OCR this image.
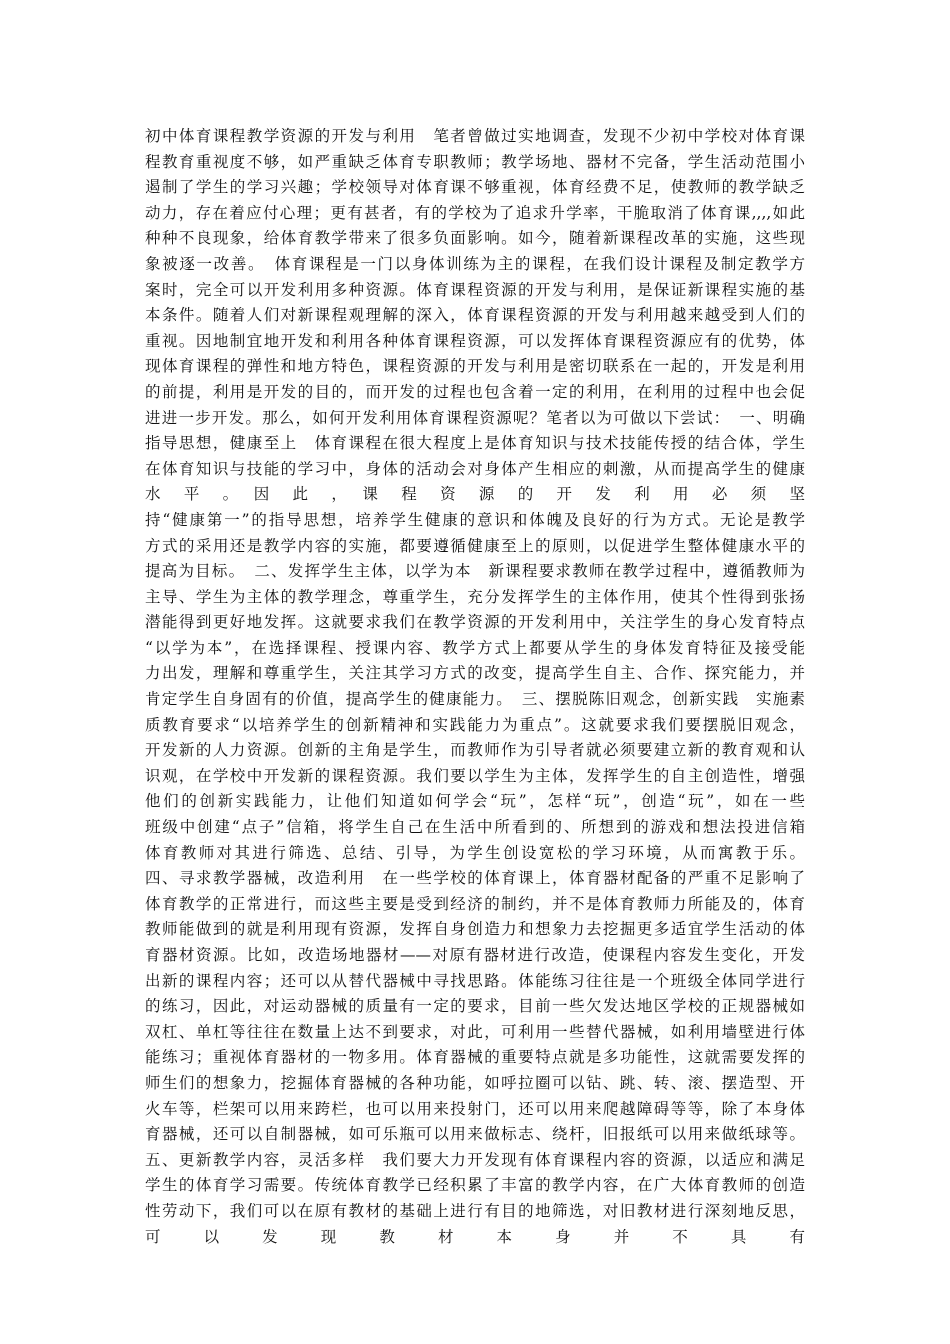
初中体育课程教学资源的开发与利用　笔者曾做过实地调查，发现不少初中学校对体育课
程教育重视度不够，如严重缺乏体育专职教师；教学场地、器材不完备，学生活动范围小
遏制了学生的学习兴趣；学校领导对体育课不够重视，体育经费不足，使教师的教学缺乏
动力，存在着应付心理；更有甚者，有的学校为了追求升学率，干脆取消了体育课,,,,如此
种种不良现象，给体育教学带来了很多负面影响。如今，随着新课程改革的实施，这些现
象被逐一改善。　体育课程是一门以身体训练为主的课程，在我们设计课程及制定教学方
案时，完全可以开发利用多种资源。体育课程资源的开发与利用，是保证新课程实施的基
本条件。随着人们对新课程观理解的深入，体育课程资源的开发与利用越来越受到人们的
重视。因地制宜地开发和利用各种体育课程资源，可以发挥体育课程资源应有的优势，体
现体育课程的弹性和地方特色，课程资源的开发与利用是密切联系在一起的，开发是利用
的前提，利用是开发的目的，而开发的过程也包含着一定的利用，在利用的过程中也会促
进进一步开发。那么，如何开发利用体育课程资源呢？笔者以为可做以下尝试：　一、明确
指导思想，健康至上　体育课程在很大程度上是体育知识与技术技能传授的结合体，学生
在体育知识与技能的学习中，身体的活动会对身体产生相应的刺激，从而提高学生的健康
水　平　。　因　此　，　课　程　资　源　的　开　发　利　用　必　须　坚
持“健康第一”的指导思想，培养学生健康的意识和体魄及良好的行为方式。无论是教学
方式的采用还是教学内容的实施，都要遵循健康至上的原则，以促进学生整体健康水平的
提高为目标。　二、发挥学生主体，以学为本　新课程要求教师在教学过程中，遵循教师为
主导、学生为主体的教学理念，尊重学生，充分发挥学生的主体作用，使其个性得到张扬
潜能得到更好地发挥。这就要求我们在教学资源的开发利用中，关注学生的身心发育特点
“以学为本”，在选择课程、授课内容、教学方式上都要从学生的身体发育特征及接受能
力出发，理解和尊重学生，关注其学习方式的改变，提高学生自主、合作、探究能力，并
肯定学生自身固有的价值，提高学生的健康能力。　三、摆脱陈旧观念，创新实践　实施素
质教育要求“以培养学生的创新精神和实践能力为重点”。这就要求我们要摆脱旧观念，
开发新的人力资源。创新的主角是学生，而教师作为引导者就必须要建立新的教育观和认
识观，在学校中开发新的课程资源。我们要以学生为主体，发挥学生的自主创造性，增强
他们的创新实践能力，让他们知道如何学会“玩”，怎样“玩”，创造“玩”，如在一些
班级中创建“点子”信箱，将学生自己在生活中所看到的、所想到的游戏和想法投进信箱
体育教师对其进行筛选、总结、引导，为学生创设宽松的学习环境，从而寓教于乐。
四、寻求教学器械，改造利用　在一些学校的体育课上，体育器材配备的严重不足影响了
体育教学的正常进行，而这些主要是受到经济的制约，并不是体育教师力所能及的，体育
教师能做到的就是利用现有资源，发挥自身创造力和想象力去挖掘更多适宜学生活动的体
育器材资源。比如，改造场地器材——对原有器材进行改造，使课程内容发生变化，开发
出新的课程内容；还可以从替代器械中寻找思路。体能练习往往是一个班级全体同学进行
的练习，因此，对运动器械的质量有一定的要求，目前一些欠发达地区学校的正规器械如
双杠、单杠等往往在数量上达不到要求，对此，可利用一些替代器械，如利用墙壁进行体
能练习；重视体育器材的一物多用。体育器械的重要特点就是多功能性，这就需要发挥的
师生们的想象力，挖掘体育器械的各种功能，如呼拉圈可以钻、跳、转、滚、摆造型、开
火车等，栏架可以用来跨栏，也可以用来投射门，还可以用来爬越障碍等等，除了本身体
育器械，还可以自制器械，如可乐瓶可以用来做标志、绕杆，旧报纸可以用来做纸球等。
五、更新教学内容，灵活多样　我们要大力开发现有体育课程内容的资源，以适应和满足
学生的体育学习需要。传统体育教学已经积累了丰富的教学内容，在广大体育教师的创造
性劳动下，我们可以在原有教材的基础上进行有目的地筛选，对旧教材进行深刻地反思，
可　以　发　现　教　材　本　身　并　不　具　有
